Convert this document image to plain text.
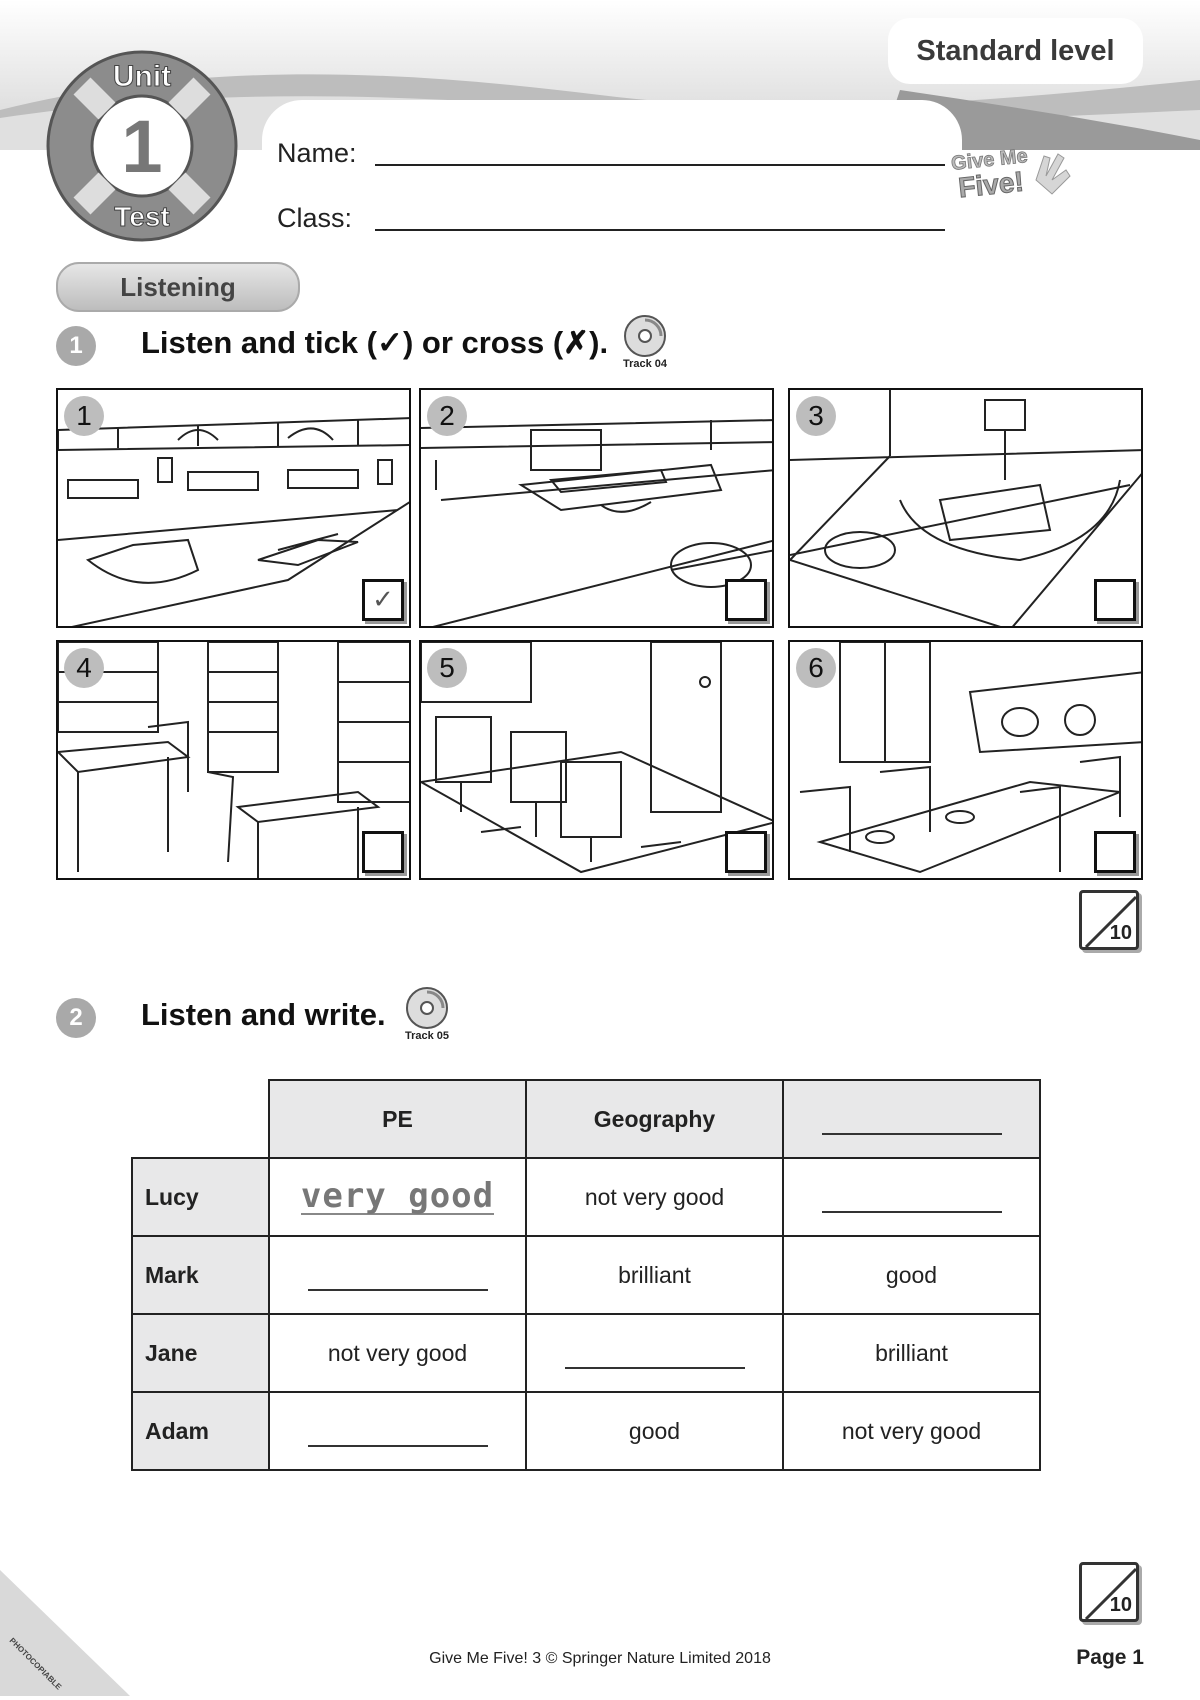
Standard level
Unit
1
Test
Name:
Class:
Give Me
Five!
Listening
1	Listen and tick (✓) or cross (✗).
Track 04
1
✓
2	3
4	5	6
10
2	Listen and write.
Track 05
	PE	Geography	
Lucy	very good	not very good	
Mark		brilliant	good
Jane	not very good		brilliant
Adam		good	not very good
10
PHOTOCOPIABLE	Give Me Five! 3 © Springer Nature Limited 2018	Page 1
